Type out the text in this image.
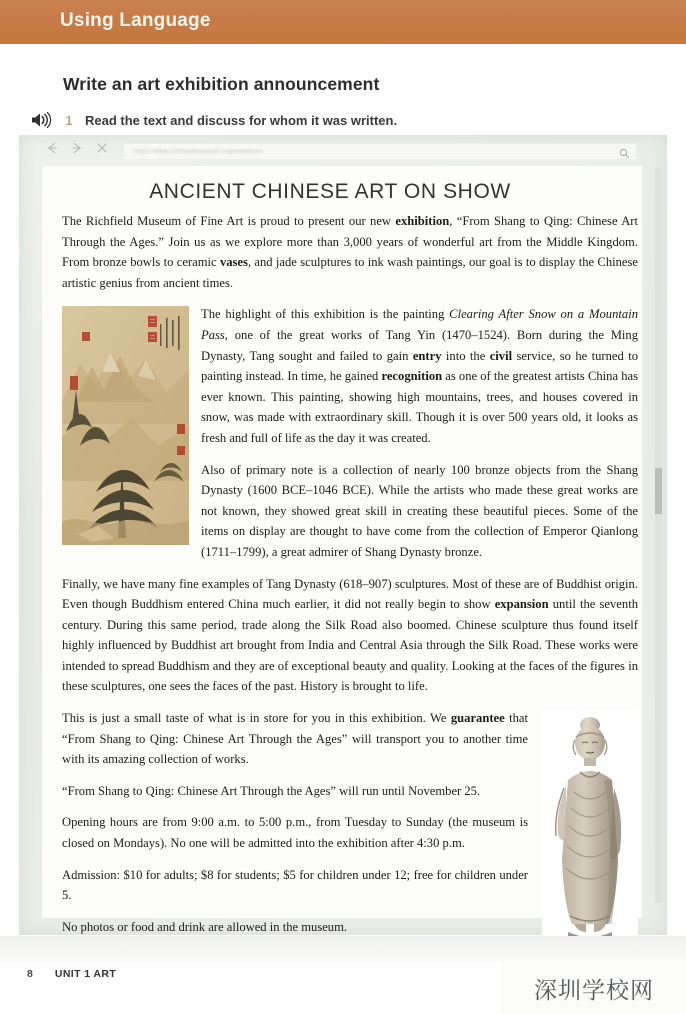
Using Language
Write an art exhibition announcement
1 Read the text and discuss for whom it was written.
https://www.richfieldmuseum.org/exhibition
ANCIENT CHINESE ART ON SHOW

The Richfield Museum of Fine Art is proud to present our new exhibition, “From Shang to Qing: Chinese Art Through the Ages.” Join us as we explore more than 3,000 years of wonderful art from the Middle Kingdom. From bronze bowls to ceramic vases, and jade sculptures to ink wash paintings, our goal is to display the Chinese artistic genius from ancient times.

The highlight of this exhibition is the painting Clearing After Snow on a Mountain Pass, one of the great works of Tang Yin (1470–1524). Born during the Ming Dynasty, Tang sought and failed to gain entry into the civil service, so he turned to painting instead. In time, he gained recognition as one of the greatest artists China has ever known. This painting, showing high mountains, trees, and houses covered in snow, was made with extraordinary skill. Though it is over 500 years old, it looks as fresh and full of life as the day it was created.

Also of primary note is a collection of nearly 100 bronze objects from the Shang Dynasty (1600 BCE–1046 BCE). While the artists who made these great works are not known, they showed great skill in creating these beautiful pieces. Some of the items on display are thought to have come from the collection of Emperor Qianlong (1711–1799), a great admirer of Shang Dynasty bronze.

Finally, we have many fine examples of Tang Dynasty (618–907) sculptures. Most of these are of Buddhist origin. Even though Buddhism entered China much earlier, it did not really begin to show expansion until the seventh century. During this same period, trade along the Silk Road also boomed. Chinese sculpture thus found itself highly influenced by Buddhist art brought from India and Central Asia through the Silk Road. These works were intended to spread Buddhism and they are of exceptional beauty and quality. Looking at the faces of the figures in these sculptures, one sees the faces of the past. History is brought to life.

This is just a small taste of what is in store for you in this exhibition. We guarantee that “From Shang to Qing: Chinese Art Through the Ages” will transport you to another time with its amazing collection of works.

“From Shang to Qing: Chinese Art Through the Ages” will run until November 25.

Opening hours are from 9:00 a.m. to 5:00 p.m., from Tuesday to Sunday (the museum is closed on Mondays). No one will be admitted into the exhibition after 4:30 p.m.

Admission: $10 for adults; $8 for students; $5 for children under 12; free for children under 5.

No photos or food and drink are allowed in the museum.

8 UNIT 1 ART
深圳学校网
